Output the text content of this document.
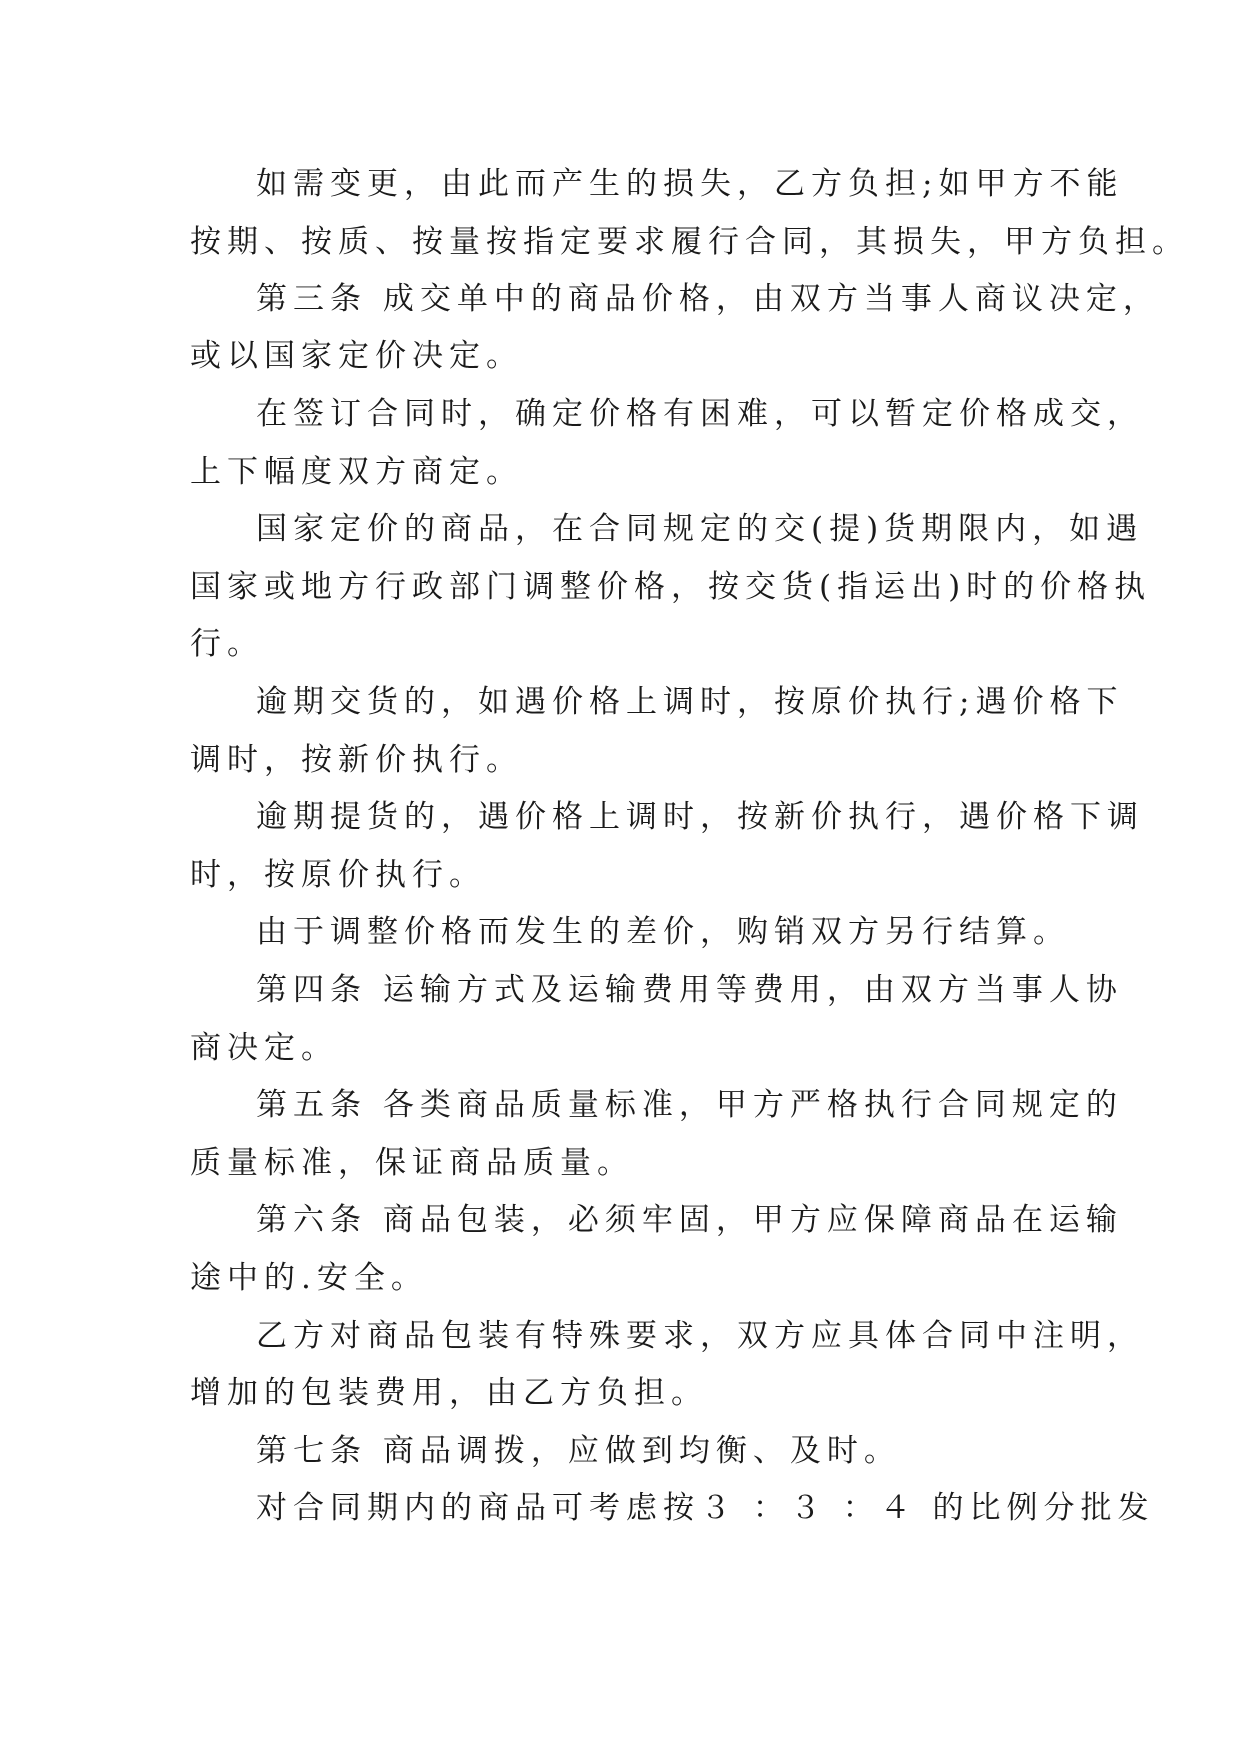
如需变更，由此而产生的损失，乙方负担;如甲方不能
按期、按质、按量按指定要求履行合同，其损失，甲方负担。
第三条 成交单中的商品价格，由双方当事人商议决定，
或以国家定价决定。
在签订合同时，确定价格有困难，可以暂定价格成交，
上下幅度双方商定。
国家定价的商品，在合同规定的交(提)货期限内，如遇
国家或地方行政部门调整价格，按交货(指运出)时的价格执
行。
逾期交货的，如遇价格上调时，按原价执行;遇价格下
调时，按新价执行。
逾期提货的，遇价格上调时，按新价执行，遇价格下调
时，按原价执行。
由于调整价格而发生的差价，购销双方另行结算。
第四条 运输方式及运输费用等费用，由双方当事人协
商决定。
第五条 各类商品质量标准，甲方严格执行合同规定的
质量标准，保证商品质量。
第六条 商品包装，必须牢固，甲方应保障商品在运输
途中的.安全。
乙方对商品包装有特殊要求，双方应具体合同中注明，
增加的包装费用，由乙方负担。
第七条 商品调拨，应做到均衡、及时。
对合同期内的商品可考虑按３ ：３ ：４ 的比例分批发
